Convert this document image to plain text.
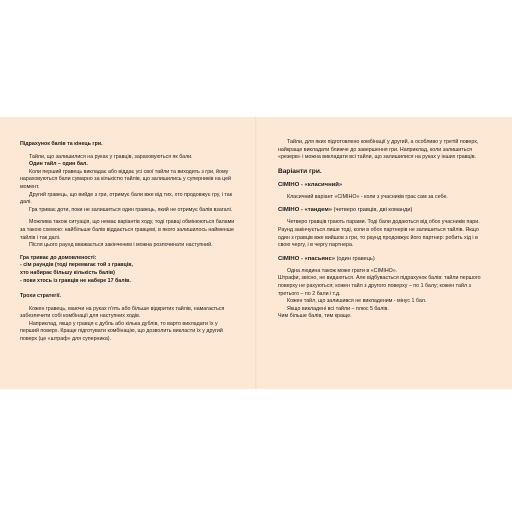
Підрахунок балів та кінець гри.

Тайли, що залишилися на руках у гравців, зараховуються як бали.

Один тайл – один бал.

Коли перший гравець викладає або віддає усі свої тайли та виходить з гри, йому нараховуються бали сумарно за кількістю тайлів, що залишились у суперників на цей момент.

Другий гравець, що вийде з гри, отримує бали вже від тих, хто продовжує гру, і так далі.

Гра триває доти, поки не залишиться один гравець, який не отримує балів взагалі.

Можлива також ситуація, що немає варіантів ходу, тоді гравці обмінюються балами за такою схемою: найбільше балів віддається гравцеві, в якого залишилось найменше тайлів і так далі.

Після цього раунд вважається закінченим і можна розпочинати наступний.

Гра триває до домовленості:

- сім раундів (тоді перемагає той з гравців,

хто набирає більшу кількість балів)

- поки хтось із гравців не набере 17 балів.

Трохи стратегії.

Кожен гравець, маючи на руках п'ять або більше відкритих тайлів, намагається забезпечити собі комбінації для наступних ходів.

Наприклад, якщо у гравця є дубль або кілька дублів, то варто викладати їх у перший поверх. Краще підготувати комбінацію, що дозволить викласти їх у другий поверх (це «штраф» для суперника).

Тайли, для яких підготовлено комбінації у другий, а особливо у третій поверх, найкраще викладати ближче до завершення гри. Наприклад, коли залишиться «резерв» і можна викладати всі тайли, що залишилися на руках у інших гравців.

Варіанти гри.

СІМІНО - «класичний»

Класичний варіант «СІМІНО» - коли з учасників грає сам за себе.

СІМІНО - «тандем» (четверо гравців, дві команди)

Четверо гравців грають парами. Тоді бали додаються від обох учасників пари. Раунд закінчується лише тоді, коли в обох партнерів не залишиться тайлів. Якщо один з гравців вже вийшов з гри, то раунд продовжує його партнер: робить хід і в свою чергу, і в чергу партнера.

СІМІНО - «пасьянс» (один гравець)

Одна людина також може грати в «СІМІНО».

Штрафи, звісно, не видаються. Але відбувається підрахунок балів: тайли першого поверху не рахуються; кожен тайл з другого поверху – по 1 балу; кожен тайл з третього – по 2 бали і т.д.

Кожен тайл, що залишився не викладеним - мінус 1 бал.

Якщо викладені всі тайли – плюс 5 балів.

Чим більше балів, тим краще.
